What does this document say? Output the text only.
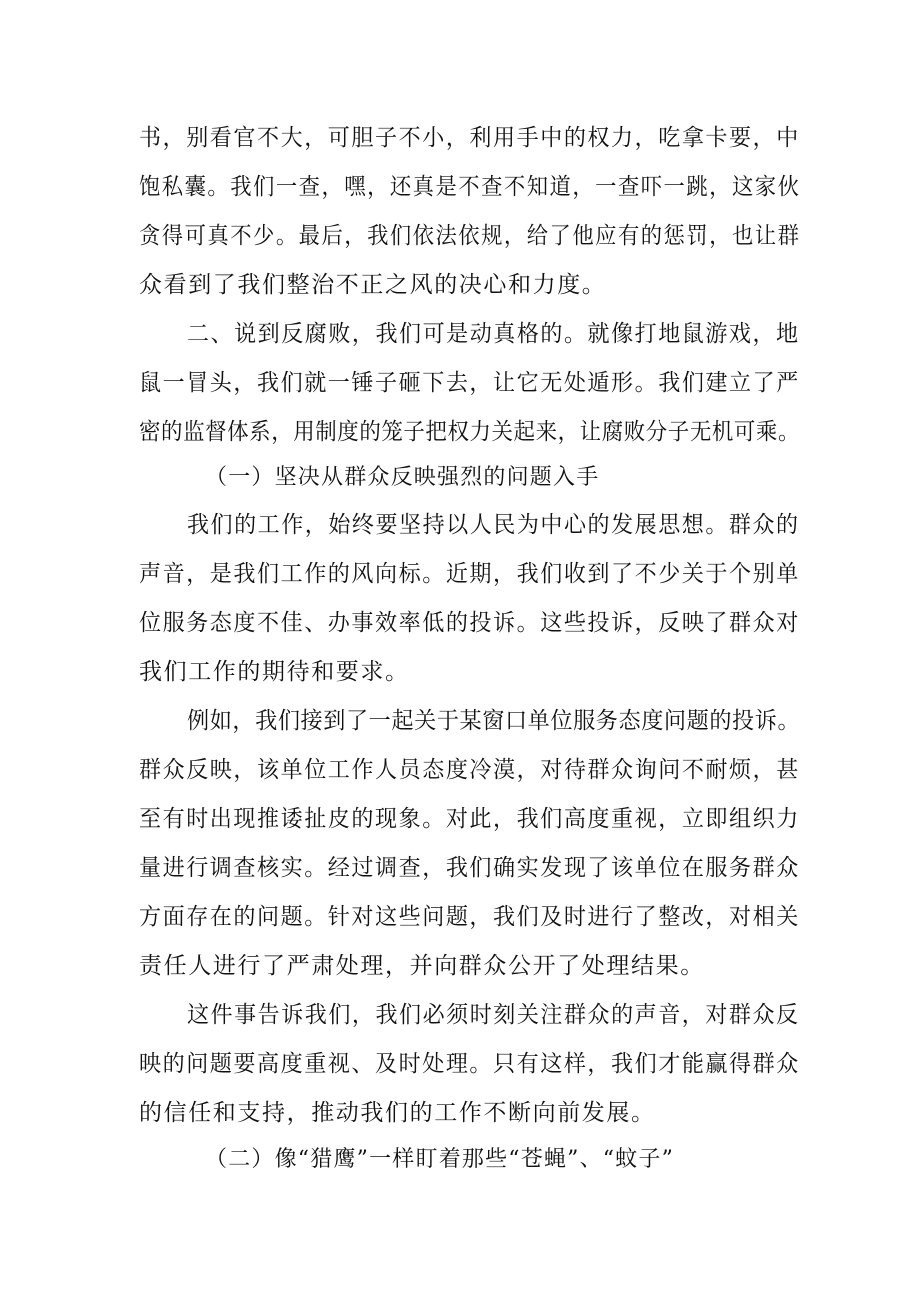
书，别看官不大，可胆子不小，利用手中的权力，吃拿卡要，中
饱私囊。我们一查，嘿，还真是不查不知道，一查吓一跳，这家伙
贪得可真不少。最后，我们依法依规，给了他应有的惩罚，也让群
众看到了我们整治不正之风的决心和力度。
二、说到反腐败，我们可是动真格的。就像打地鼠游戏，地
鼠一冒头，我们就一锤子砸下去，让它无处遁形。我们建立了严
密的监督体系，用制度的笼子把权力关起来，让腐败分子无机可乘。
（一）坚决从群众反映强烈的问题入手
我们的工作，始终要坚持以人民为中心的发展思想。群众的
声音，是我们工作的风向标。近期，我们收到了不少关于个别单
位服务态度不佳、办事效率低的投诉。这些投诉，反映了群众对
我们工作的期待和要求。
例如，我们接到了一起关于某窗口单位服务态度问题的投诉。
群众反映，该单位工作人员态度冷漠，对待群众询问不耐烦，甚
至有时出现推诿扯皮的现象。对此，我们高度重视，立即组织力
量进行调查核实。经过调查，我们确实发现了该单位在服务群众
方面存在的问题。针对这些问题，我们及时进行了整改，对相关
责任人进行了严肃处理，并向群众公开了处理结果。
这件事告诉我们，我们必须时刻关注群众的声音，对群众反
映的问题要高度重视、及时处理。只有这样，我们才能赢得群众
的信任和支持，推动我们的工作不断向前发展。
（二）像“猎鹰”一样盯着那些“苍蝇”、“蚊子”
